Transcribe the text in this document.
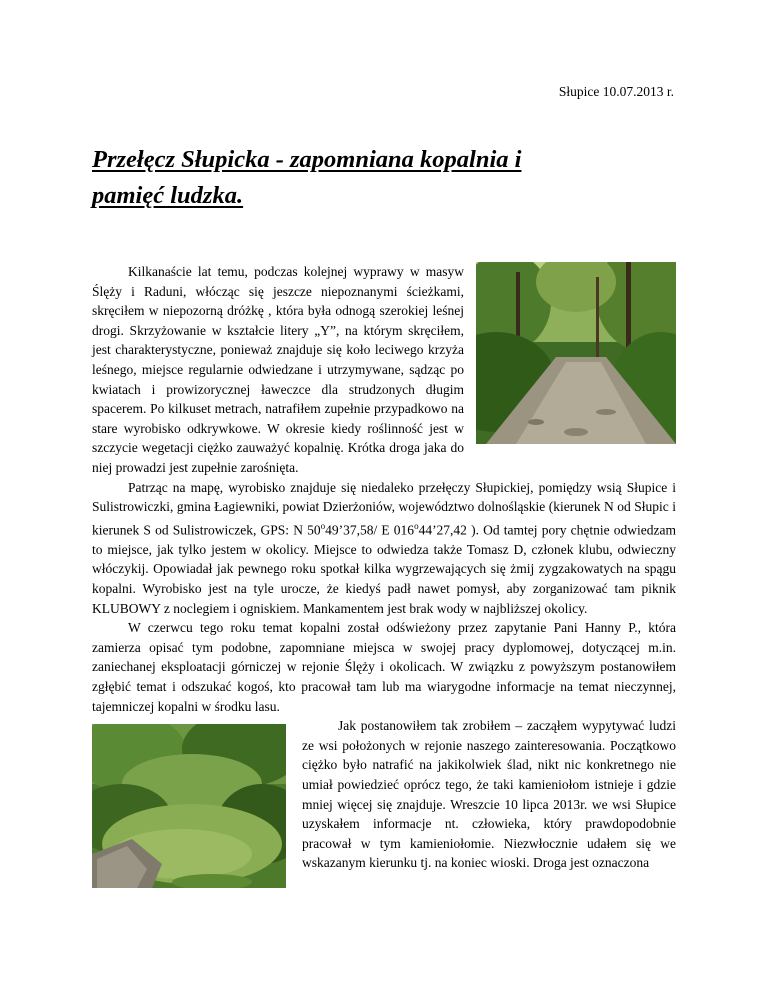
Słupice 10.07.2013 r.
Przełęcz Słupicka - zapomniana kopalnia i
pamięć ludzka.

Kilkanaście lat temu, podczas kolejnej wyprawy w masyw Ślęży i Raduni, włócząc się jeszcze niepoznanymi ścieżkami, skręciłem w niepozorną dróżkę , która była odnogą szerokiej leśnej drogi. Skrzyżowanie w kształcie litery „Y”, na którym skręciłem, jest charakterystyczne, ponieważ znajduje się koło leciwego krzyża leśnego, miejsce regularnie odwiedzane i utrzymywane, sądząc po kwiatach i prowizorycznej ławeczce dla strudzonych długim spacerem. Po kilkuset metrach, natrafiłem zupełnie przypadkowo na stare wyrobisko odkrywkowe. W okresie kiedy roślinność jest w szczycie wegetacji ciężko zauważyć kopalnię. Krótka droga jaka do niej prowadzi jest zupełnie zarośnięta.

Patrząc na mapę, wyrobisko znajduje się niedaleko przełęczy Słupickiej, pomiędzy wsią Słupice i Sulistrowiczki, gmina Łagiewniki, powiat Dzierżoniów, województwo dolnośląskie (kierunek N od Słupic i kierunek S od Sulistrowiczek, GPS: N 50$^o$49’37,58/ E 016$^o$44’27,42 ). Od tamtej pory chętnie odwiedzam to miejsce, jak tylko jestem w okolicy. Miejsce to odwiedza także Tomasz D, członek klubu, odwieczny włóczykij. Opowiadał jak pewnego roku spotkał kilka wygrzewających się żmij zygzakowatych na spągu kopalni. Wyrobisko jest na tyle urocze, że kiedyś padł nawet pomysł, aby zorganizować tam piknik KLUBOWY z noclegiem i ogniskiem. Mankamentem jest brak wody w najbliższej okolicy.

W czerwcu tego roku temat kopalni został odświeżony przez zapytanie Pani Hanny P., która zamierza opisać tym podobne, zapomniane miejsca w swojej pracy dyplomowej, dotyczącej m.in. zaniechanej eksploatacji górniczej w rejonie Ślęży i okolicach. W związku z powyższym postanowiłem zgłębić temat i odszukać kogoś, kto pracował tam lub ma wiarygodne informacje na temat nieczynnej, tajemniczej kopalni w środku lasu.

Jak postanowiłem tak zrobiłem – zacząłem wypytywać ludzi ze wsi położonych w rejonie naszego zainteresowania. Początkowo ciężko było natrafić na jakikolwiek ślad, nikt nic konkretnego nie umiał powiedzieć oprócz tego, że taki kamieniołom istnieje i gdzie mniej więcej się znajduje. Wreszcie 10 lipca 2013r. we wsi Słupice uzyskałem informacje nt. człowieka, który prawdopodobnie pracował w tym kamieniołomie. Niezwłocznie udałem się we wskazanym kierunku tj. na koniec wioski. Droga jest oznaczona
